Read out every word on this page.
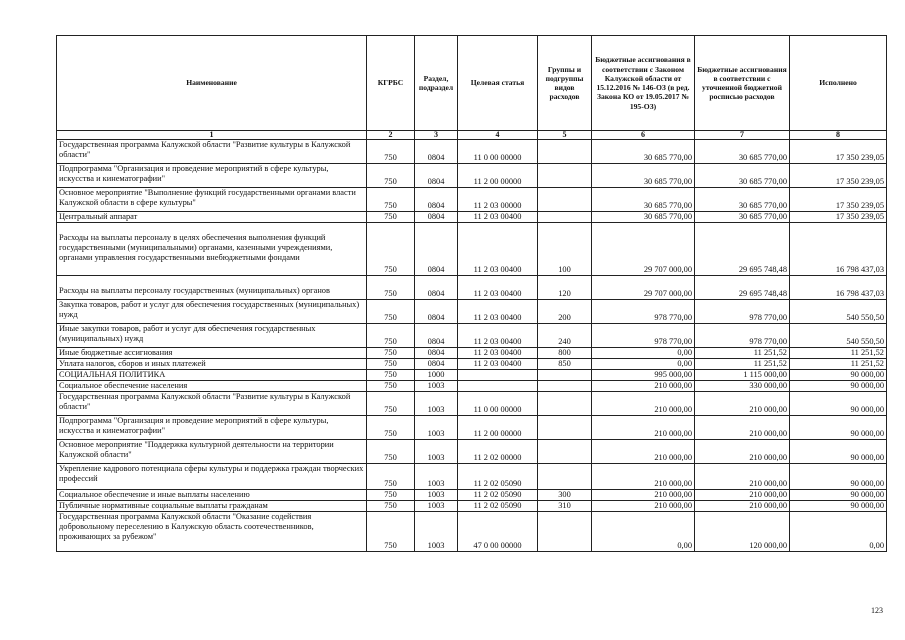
Наименование	КГРБС	Раздел, подраздел	Целевая статья	Группы и подгруппы видов расходов	Бюджетные ассигнования в соответствии с Законом Калужской области от 15.12.2016 № 146-ОЗ (в ред. Закона КО от 19.05.2017 № 195-ОЗ)	Бюджетные ассигнования в соответствии с уточненной бюджетной росписью расходов	Исполнено
1	2	3	4	5	6	7	8
Государственная программа Калужской области "Развитие культуры в Калужской области"	750	0804	11 0 00 00000		30 685 770,00	30 685 770,00	17 350 239,05
Подпрограмма "Организация и проведение мероприятий в сфере культуры, искусства и кинематографии"	750	0804	11 2 00 00000		30 685 770,00	30 685 770,00	17 350 239,05
Основное мероприятие "Выполнение функций государственными органами власти Калужской области в сфере культуры"	750	0804	11 2 03 00000		30 685 770,00	30 685 770,00	17 350 239,05
Центральный аппарат	750	0804	11 2 03 00400		30 685 770,00	30 685 770,00	17 350 239,05
Расходы на выплаты персоналу в целях обеспечения выполнения функций государственными (муниципальными) органами, казенными учреждениями, органами управления государственными внебюджетными фондами	750	0804	11 2 03 00400	100	29 707 000,00	29 695 748,48	16 798 437,03
Расходы на выплаты персоналу государственных (муниципальных) органов	750	0804	11 2 03 00400	120	29 707 000,00	29 695 748,48	16 798 437,03
Закупка товаров, работ и услуг для обеспечения государственных (муниципальных) нужд	750	0804	11 2 03 00400	200	978 770,00	978 770,00	540 550,50
Иные закупки товаров, работ и услуг для обеспечения государственных (муниципальных) нужд	750	0804	11 2 03 00400	240	978 770,00	978 770,00	540 550,50
Иные бюджетные ассигнования	750	0804	11 2 03 00400	800	0,00	11 251,52	11 251,52
Уплата налогов, сборов и иных платежей	750	0804	11 2 03 00400	850	0,00	11 251,52	11 251,52
СОЦИАЛЬНАЯ ПОЛИТИКА	750	1000			995 000,00	1 115 000,00	90 000,00
Социальное обеспечение населения	750	1003			210 000,00	330 000,00	90 000,00
Государственная программа Калужской области "Развитие культуры в Калужской области"	750	1003	11 0 00 00000		210 000,00	210 000,00	90 000,00
Подпрограмма "Организация и проведение мероприятий в сфере культуры, искусства и кинематографии"	750	1003	11 2 00 00000		210 000,00	210 000,00	90 000,00
Основное мероприятие "Поддержка культурной деятельности на территории Калужской области"	750	1003	11 2 02 00000		210 000,00	210 000,00	90 000,00
Укрепление кадрового потенциала сферы культуры и поддержка граждан творческих профессий	750	1003	11 2 02 05090		210 000,00	210 000,00	90 000,00
Социальное обеспечение и иные выплаты населению	750	1003	11 2 02 05090	300	210 000,00	210 000,00	90 000,00
Публичные нормативные социальные выплаты гражданам	750	1003	11 2 02 05090	310	210 000,00	210 000,00	90 000,00
Государственная программа Калужской области "Оказание содействия добровольному переселению в Калужскую область соотечественников, проживающих за рубежом"	750	1003	47 0 00 00000		0,00	120 000,00	0,00
123
